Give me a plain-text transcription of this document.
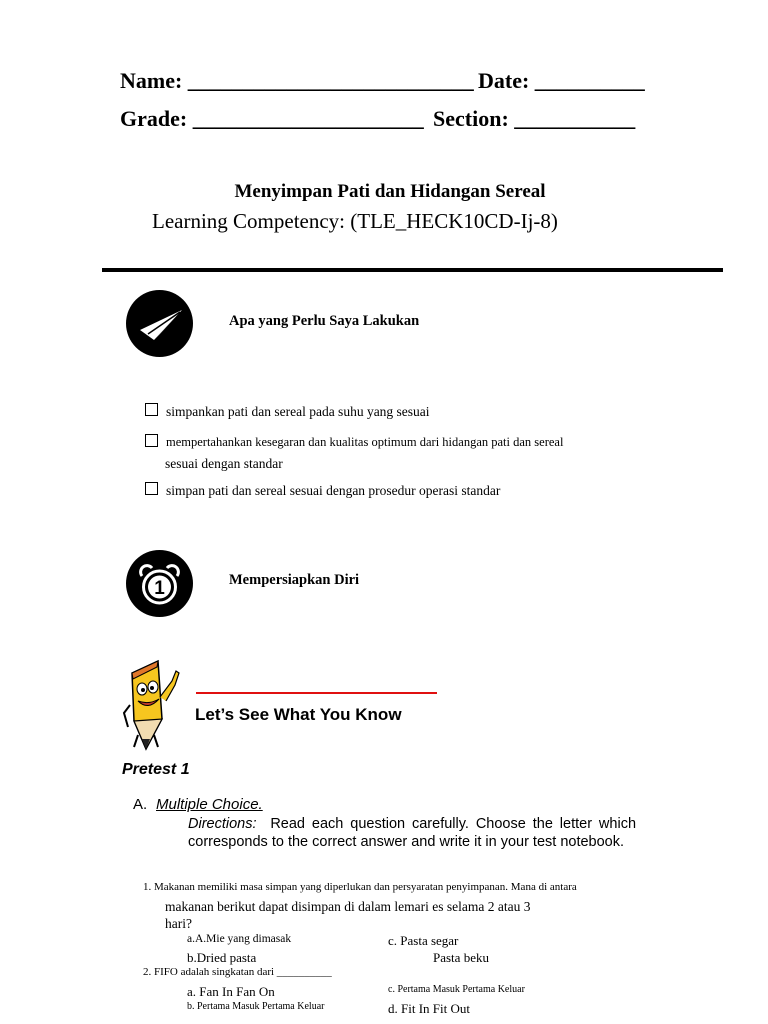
Name: __________________________ Date: __________
Grade: _____________________ Section: ___________
Menyimpan Pati dan Hidangan Sereal
Learning Competency: (TLE_HECK10CD-Ij-8)
Apa yang Perlu Saya Lakukan
simpankan pati dan sereal pada suhu yang sesuai
mempertahankan kesegaran dan kualitas optimum dari hidangan pati dan sereal
sesuai dengan standar
simpan pati dan sereal sesuai dengan prosedur operasi standar
1	Mempersiapkan Diri
Let’s See What You Know
Pretest 1
A. Multiple Choice.
Directions: Read each question carefully. Choose the letter which corresponds to the correct answer and write it in your test notebook.
1. Makanan memiliki masa simpan yang diperlukan dan persyaratan penyimpanan. Mana di antara
makanan berikut dapat disimpan di dalam lemari es selama 2 atau 3
hari?
a.A.Mie yang dimasak
b.Dried pasta
c. Pasta segar
Pasta beku
2. FIFO adalah singkatan dari __________
a. Fan In Fan On
b. Pertama Masuk Pertama Keluar
c. Pertama Masuk Pertama Keluar
d. Fit In Fit Out
